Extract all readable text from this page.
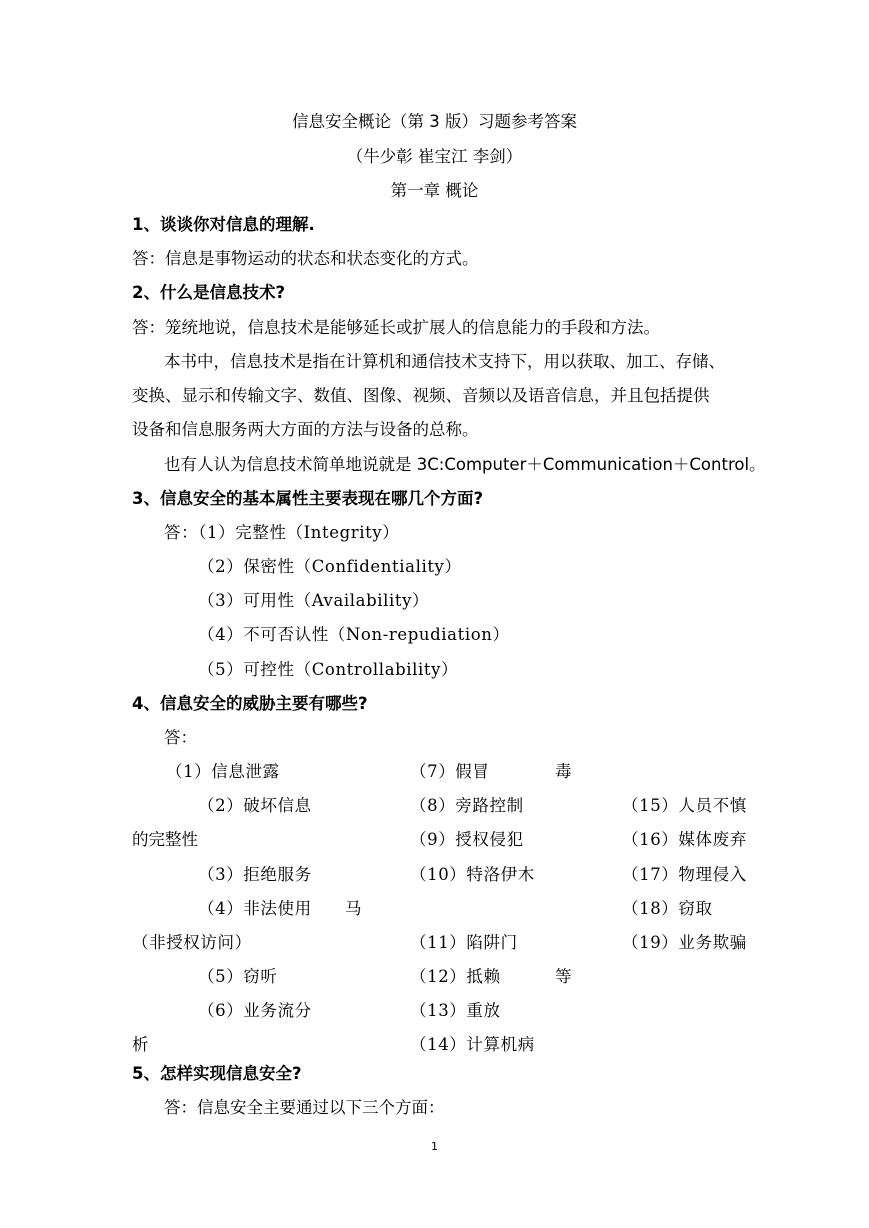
信息安全概论（第 3 版）习题参考答案
（牛少彰 崔宝江 李剑）
第一章 概论
1、谈谈你对信息的理解.
答：信息是事物运动的状态和状态变化的方式。
2、什么是信息技术?
答：笼统地说，信息技术是能够延长或扩展人的信息能力的手段和方法。
本书中，信息技术是指在计算机和通信技术支持下，用以获取、加工、存储、
变换、显示和传输文字、数值、图像、视频、音频以及语音信息，并且包括提供
设备和信息服务两大方面的方法与设备的总称。
也有人认为信息技术简单地说就是 3C:Computer＋Communication＋Control。
3、信息安全的基本属性主要表现在哪几个方面?
答：（1）完整性（Integrity）
（2）保密性（Confidentiality）
（3）可用性（Availability）
（4）不可否认性（Non-repudiation）
（5）可控性（Controllability）
4、信息安全的威胁主要有哪些?
答：
（1）信息泄露
（2）破坏信息
的完整性
（3）拒绝服务
（4）非法使用
（非授权访问）
（5）窃听
（6）业务流分
析
（7）假冒
（8）旁路控制
（9）授权侵犯
（10）特洛伊木
马
（11）陷阱门
（12）抵赖
（13）重放
（14）计算机病
毒
（15）人员不慎
（16）媒体废弃
（17）物理侵入
（18）窃取
（19）业务欺骗
等
5、怎样实现信息安全?
答：信息安全主要通过以下三个方面：
1
